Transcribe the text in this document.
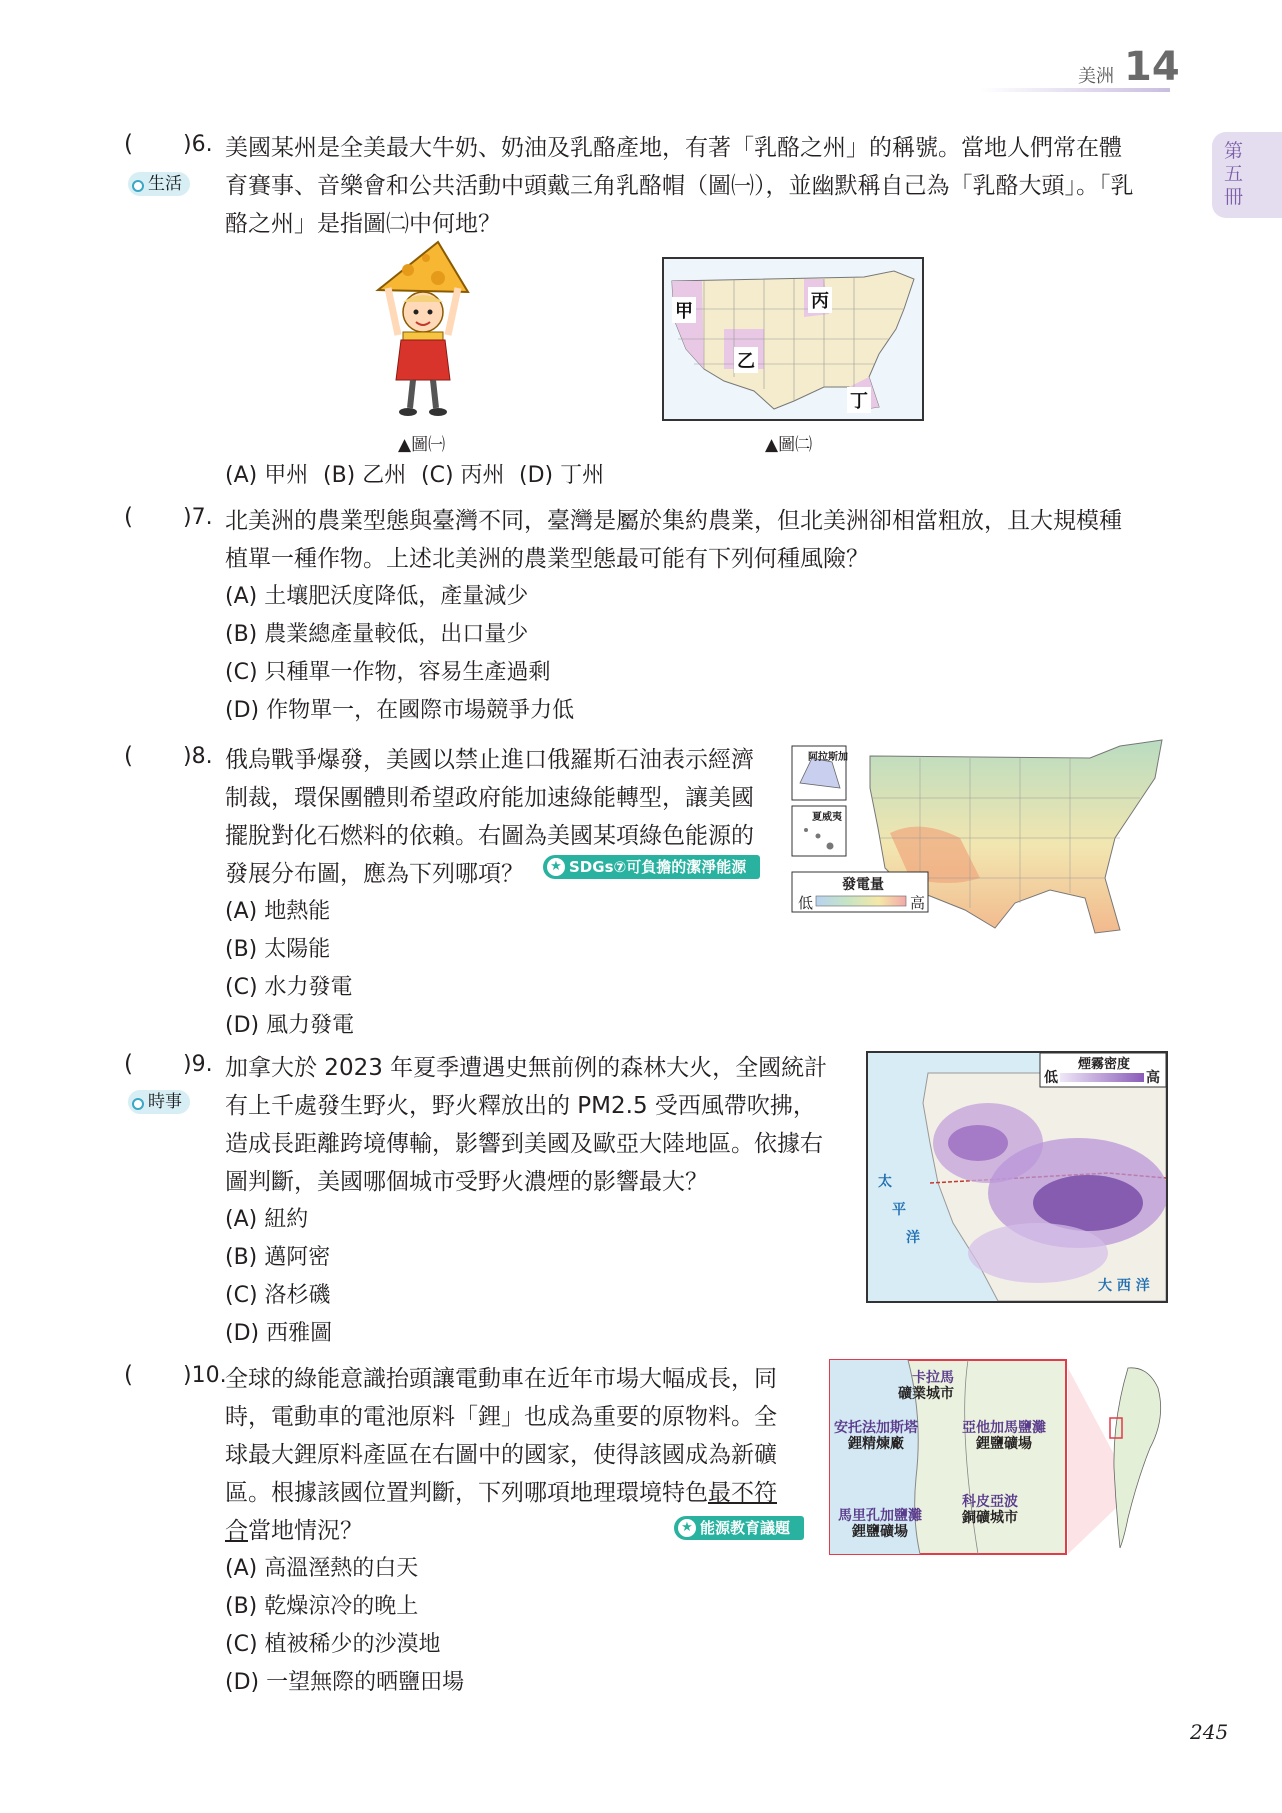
美洲 14
第五冊
( )6.
生活
美國某州是全美最大牛奶、奶油及乳酪產地，有著「乳酪之州」的稱號。當地人們常在體
育賽事、音樂會和公共活動中頭戴三角乳酪帽（圖㈠），並幽默稱自己為「乳酪大頭」。「乳
酪之州」是指圖㈡中何地？
▲圖㈠
甲
乙
丙
丁
▲圖㈡
(A) 甲州 (B) 乙州 (C) 丙州 (D) 丁州
( )7. 北美洲的農業型態與臺灣不同，臺灣是屬於集約農業，但北美洲卻相當粗放，且大規模種
植單一種作物。上述北美洲的農業型態最可能有下列何種風險？
(A) 土壤肥沃度降低，產量減少
(B) 農業總產量較低，出口量少
(C) 只種單一作物，容易生產過剩
(D) 作物單一，在國際市場競爭力低
( )8. 俄烏戰爭爆發，美國以禁止進口俄羅斯石油表示經濟
制裁，環保團體則希望政府能加速綠能轉型，讓美國
擺脫對化石燃料的依賴。右圖為美國某項綠色能源的
發展分布圖，應為下列哪項？ ★ SDGs⑦可負擔的潔淨能源
阿拉斯加
夏威夷
發電量
低	高
(A) 地熱能
(B) 太陽能
(C) 水力發電
(D) 風力發電
( )9.
時事
加拿大於 2023 年夏季遭遇史無前例的森林大火，全國統計
有上千處發生野火，野火釋放出的 PM2.5 受西風帶吹拂，
造成長距離跨境傳輸，影響到美國及歐亞大陸地區。依據右
圖判斷，美國哪個城市受野火濃煙的影響最大？
煙霧密度
低	高
太
平
洋
大 西 洋
(A) 紐約
(B) 邁阿密
(C) 洛杉磯
(D) 西雅圖
( )10.
全球的綠能意識抬頭讓電動車在近年市場大幅成長，同
時，電動車的電池原料「鋰」也成為重要的原物料。全
球最大鋰原料產區在右圖中的國家，使得該國成為新礦
區。根據該國位置判斷，下列哪項地理環境特色最不符
合當地情況？	★ 能源教育議題
卡拉馬
礦業城市
安托法加斯塔
鋰精煉廠
亞他加馬鹽灘
鋰鹽礦場
馬里孔加鹽灘
鋰鹽礦場
科皮亞波
銅礦城市
(A) 高溫溼熱的白天
(B) 乾燥涼冷的晚上
(C) 植被稀少的沙漠地
(D) 一望無際的晒鹽田場
245
